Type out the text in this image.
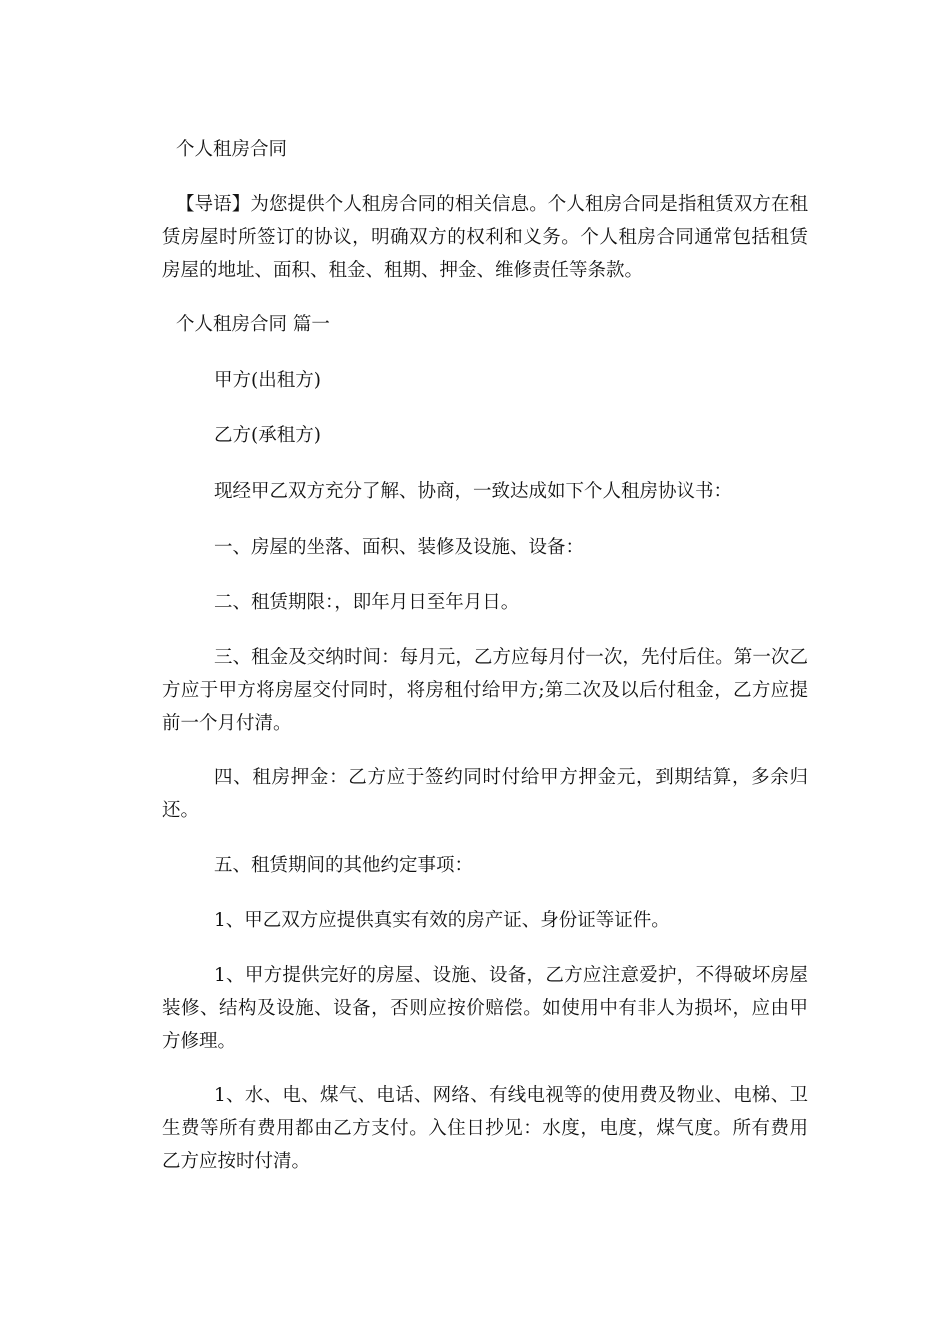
个人租房合同

【导语】为您提供个人租房合同的相关信息。个人租房合同是指租赁双方在租赁房屋时所签订的协议，明确双方的权利和义务。个人租房合同通常包括租赁房屋的地址、面积、租金、租期、押金、维修责任等条款。

个人租房合同 篇一

甲方(出租方)

乙方(承租方)

现经甲乙双方充分了解、协商，一致达成如下个人租房协议书：

一、房屋的坐落、面积、装修及设施、设备：

二、租赁期限：，即年月日至年月日。

三、租金及交纳时间：每月元，乙方应每月付一次，先付后住。第一次乙方应于甲方将房屋交付同时，将房租付给甲方;第二次及以后付租金，乙方应提前一个月付清。

四、租房押金：乙方应于签约同时付给甲方押金元，到期结算，多余归还。

五、租赁期间的其他约定事项：

1、甲乙双方应提供真实有效的房产证、身份证等证件。

1、甲方提供完好的房屋、设施、设备，乙方应注意爱护，不得破坏房屋装修、结构及设施、设备，否则应按价赔偿。如使用中有非人为损坏，应由甲方修理。

1、水、电、煤气、电话、网络、有线电视等的使用费及物业、电梯、卫生费等所有费用都由乙方支付。入住日抄见：水度，电度，煤气度。所有费用乙方应按时付清。
